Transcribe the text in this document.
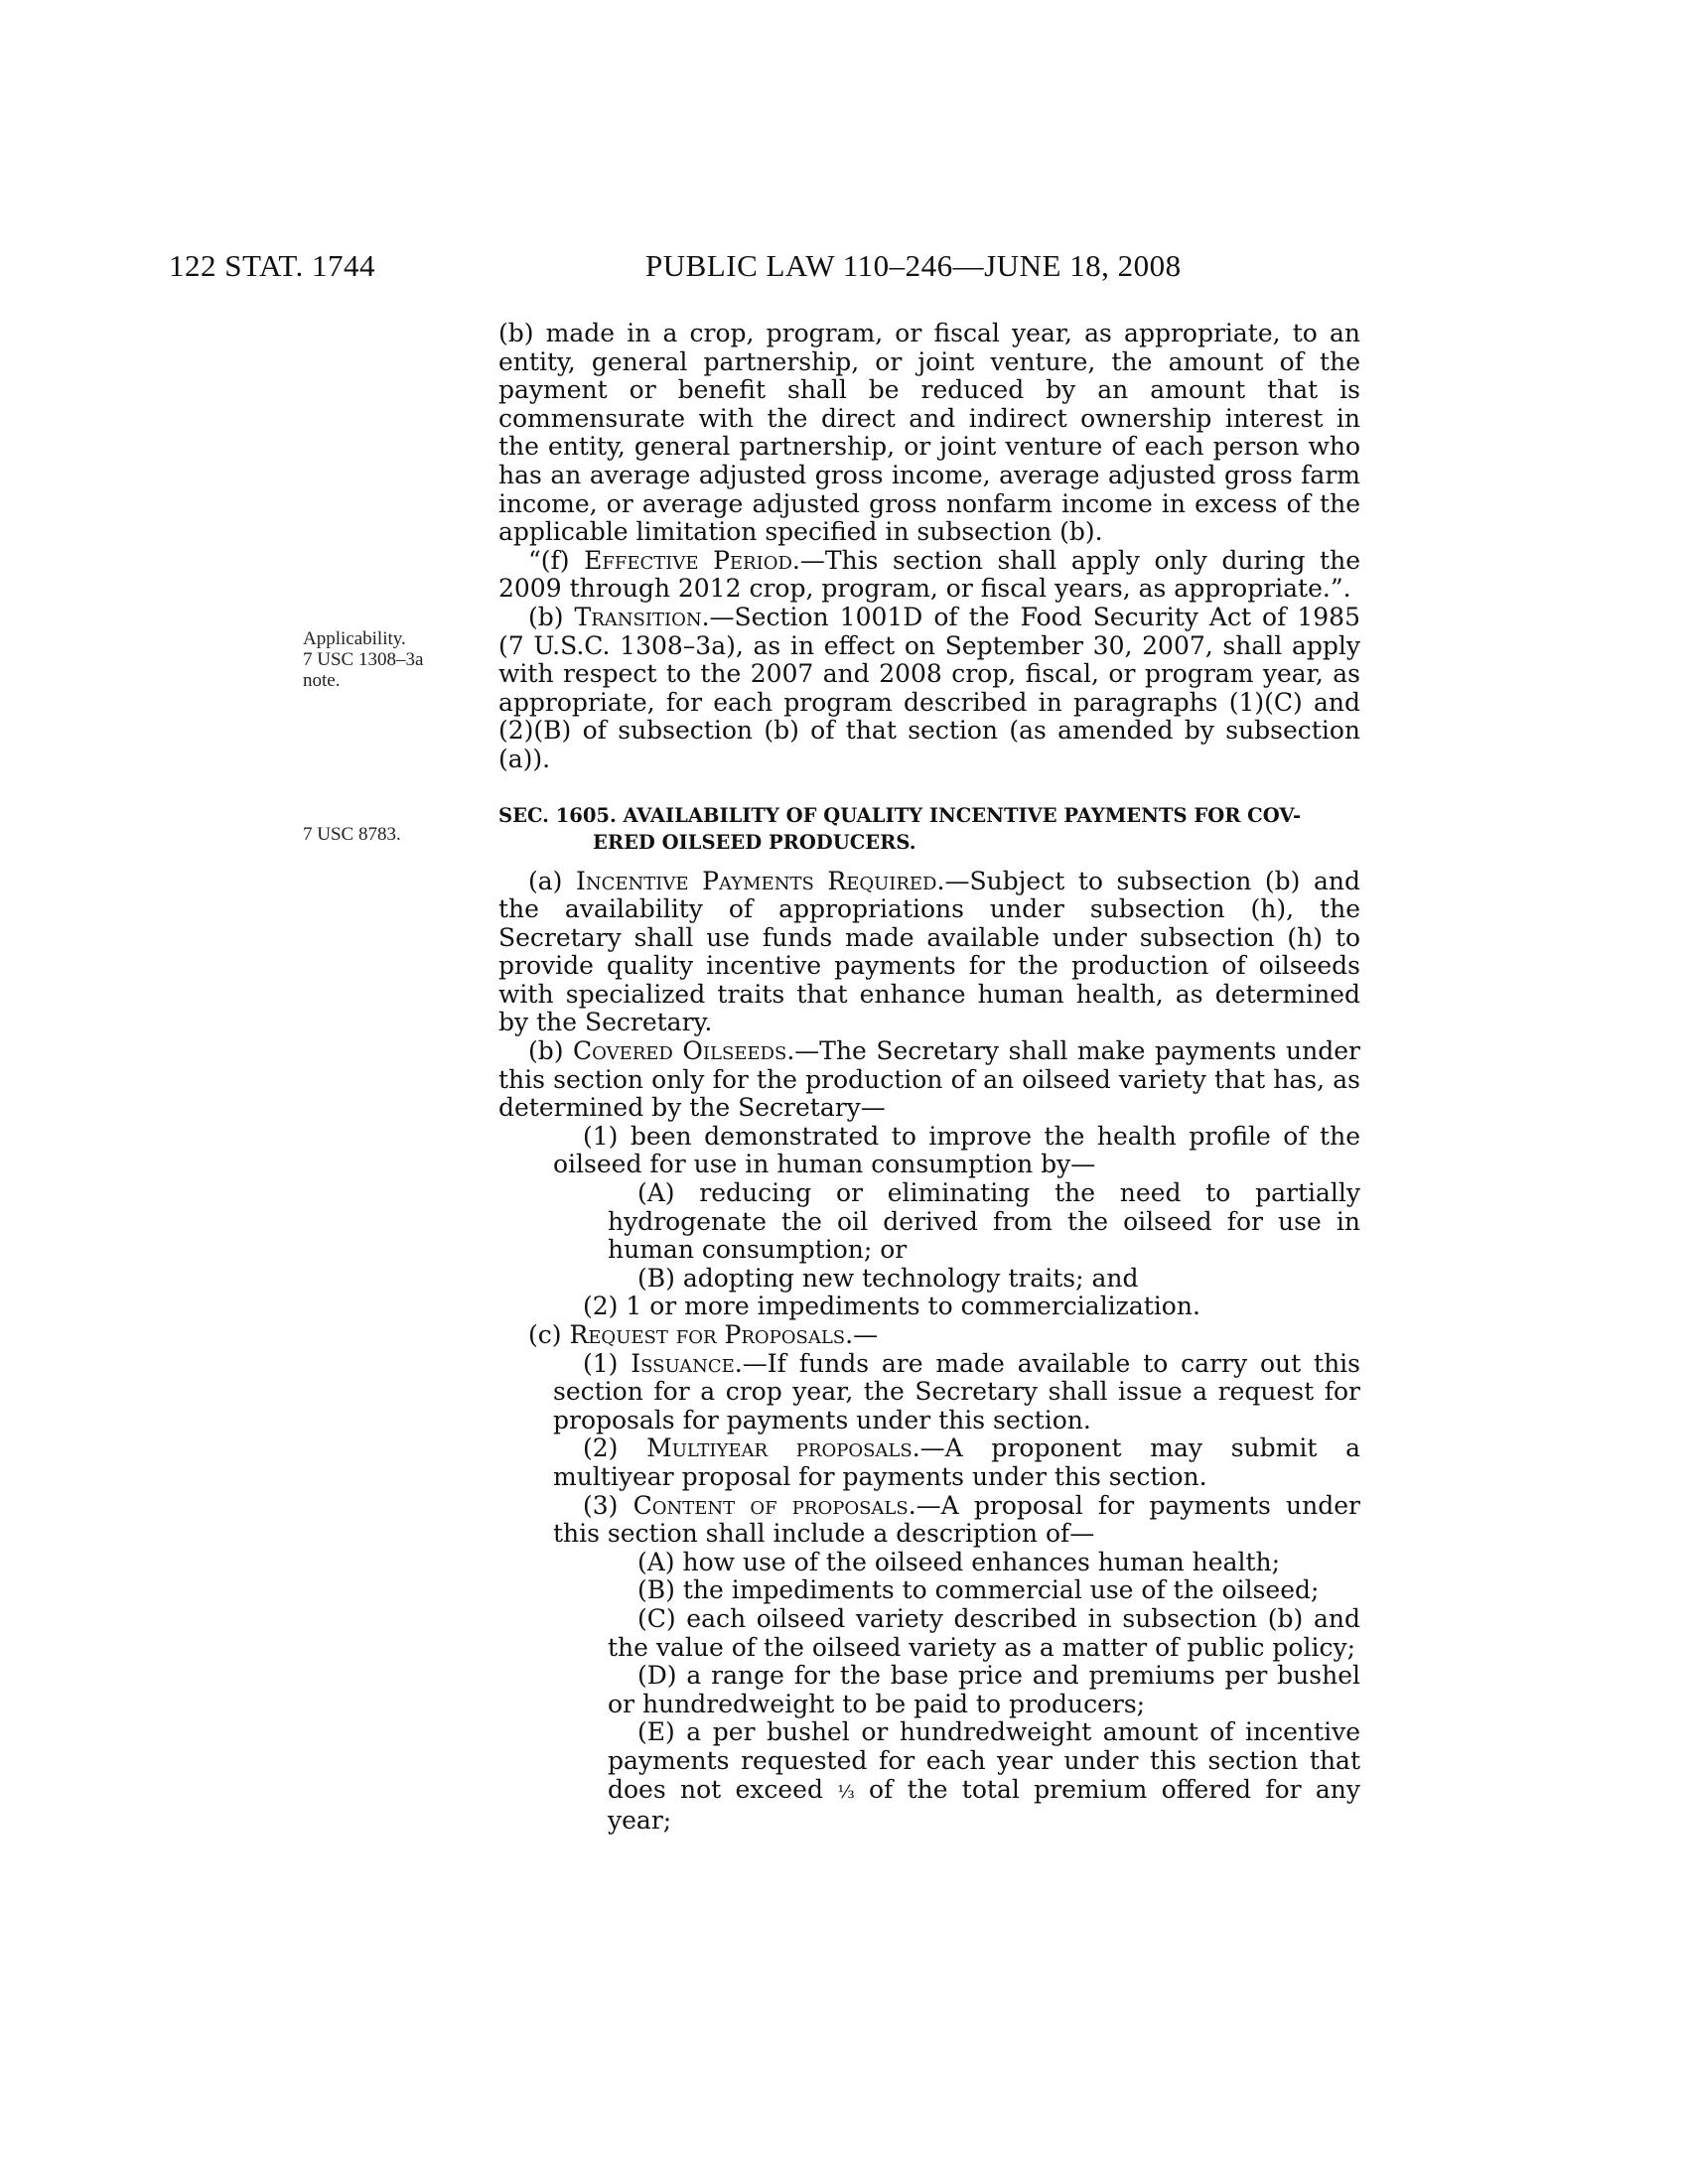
122 STAT. 1744	PUBLIC LAW 110–246—JUNE 18, 2008
Applicability.
7 USC 1308–3a
note.
7 USC 8783.

(b) made in a crop, program, or fiscal year, as appropriate, to an entity, general partnership, or joint venture, the amount of the payment or benefit shall be reduced by an amount that is commensurate with the direct and indirect ownership interest in the entity, general partnership, or joint venture of each person who has an average adjusted gross income, average adjusted gross farm income, or average adjusted gross nonfarm income in excess of the applicable limitation specified in subsection (b).

“(f) Effective Period.—This section shall apply only during the 2009 through 2012 crop, program, or fiscal years, as appropriate.”.

(b) Transition.—Section 1001D of the Food Security Act of 1985 (7 U.S.C. 1308–3a), as in effect on September 30, 2007, shall apply with respect to the 2007 and 2008 crop, fiscal, or program year, as appropriate, for each program described in paragraphs (1)(C) and (2)(B) of subsection (b) of that section (as amended by subsection (a)).

SEC. 1605. AVAILABILITY OF QUALITY INCENTIVE PAYMENTS FOR COV-
ERED OILSEED PRODUCERS.

(a) Incentive Payments Required.—Subject to subsection (b) and the availability of appropriations under subsection (h), the Secretary shall use funds made available under subsection (h) to provide quality incentive payments for the production of oilseeds with specialized traits that enhance human health, as determined by the Secretary.

(b) Covered Oilseeds.—The Secretary shall make payments under this section only for the production of an oilseed variety that has, as determined by the Secretary—

(1) been demonstrated to improve the health profile of the oilseed for use in human consumption by—

(A) reducing or eliminating the need to partially hydrogenate the oil derived from the oilseed for use in human consumption; or

(B) adopting new technology traits; and

(2) 1 or more impediments to commercialization.

(c) Request for Proposals.—

(1) Issuance.—If funds are made available to carry out this section for a crop year, the Secretary shall issue a request for proposals for payments under this section.

(2) Multiyear proposals.—A proponent may submit a multiyear proposal for payments under this section.

(3) Content of proposals.—A proposal for payments under this section shall include a description of—

(A) how use of the oilseed enhances human health;

(B) the impediments to commercial use of the oilseed;

(C) each oilseed variety described in subsection (b) and the value of the oilseed variety as a matter of public policy;

(D) a range for the base price and premiums per bushel or hundredweight to be paid to producers;

(E) a per bushel or hundredweight amount of incentive payments requested for each year under this section that does not exceed ⅓ of the total premium offered for any year;
